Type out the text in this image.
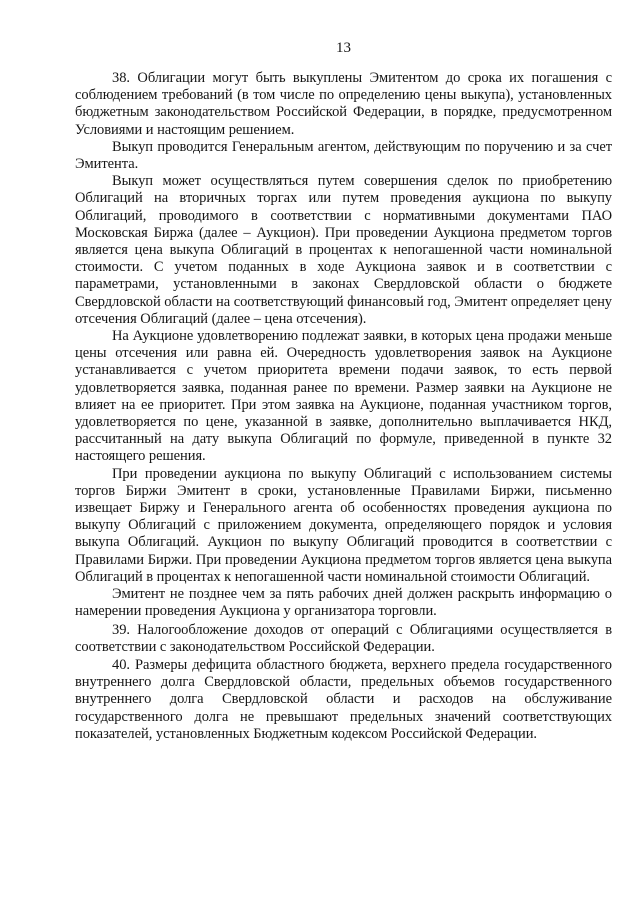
13

38. Облигации могут быть выкуплены Эмитентом до срока их погашения с соблюдением требований (в том числе по определению цены выкупа), установленных бюджетным законодательством Российской Федерации, в порядке, предусмотренном Условиями и настоящим решением.

Выкуп проводится Генеральным агентом, действующим по поручению и за счет Эмитента.

Выкуп может осуществляться путем совершения сделок по приобретению Облигаций на вторичных торгах или путем проведения аукциона по выкупу Облигаций, проводимого в соответствии с нормативными документами ПАО Московская Биржа (далее – Аукцион). При проведении Аукциона предметом торгов является цена выкупа Облигаций в процентах к непогашенной части номинальной стоимости. С учетом поданных в ходе Аукциона заявок и в соответствии с параметрами, установленными в законах Свердловской области о бюджете Свердловской области на соответствующий финансовый год, Эмитент определяет цену отсечения Облигаций (далее – цена отсечения).

На Аукционе удовлетворению подлежат заявки, в которых цена продажи меньше цены отсечения или равна ей. Очередность удовлетворения заявок на Аукционе устанавливается с учетом приоритета времени подачи заявок, то есть первой удовлетворяется заявка, поданная ранее по времени. Размер заявки на Аукционе не влияет на ее приоритет. При этом заявка на Аукционе, поданная участником торгов, удовлетворяется по цене, указанной в заявке, дополнительно выплачивается НКД, рассчитанный на дату выкупа Облигаций по формуле, приведенной в пункте 32 настоящего решения.

При проведении аукциона по выкупу Облигаций с использованием системы торгов Биржи Эмитент в сроки, установленные Правилами Биржи, письменно извещает Биржу и Генерального агента об особенностях проведения аукциона по выкупу Облигаций с приложением документа, определяющего порядок и условия выкупа Облигаций. Аукцион по выкупу Облигаций проводится в соответствии с Правилами Биржи. При проведении Аукциона предметом торгов является цена выкупа Облигаций в процентах к непогашенной части номинальной стоимости Облигаций.

Эмитент не позднее чем за пять рабочих дней должен раскрыть информацию о намерении проведения Аукциона у организатора торговли.

39. Налогообложение доходов от операций с Облигациями осуществляется в соответствии с законодательством Российской Федерации.

40. Размеры дефицита областного бюджета, верхнего предела государственного внутреннего долга Свердловской области, предельных объемов государственного внутреннего долга Свердловской области и расходов на обслуживание государственного долга не превышают предельных значений соответствующих показателей, установленных Бюджетным кодексом Российской Федерации.
